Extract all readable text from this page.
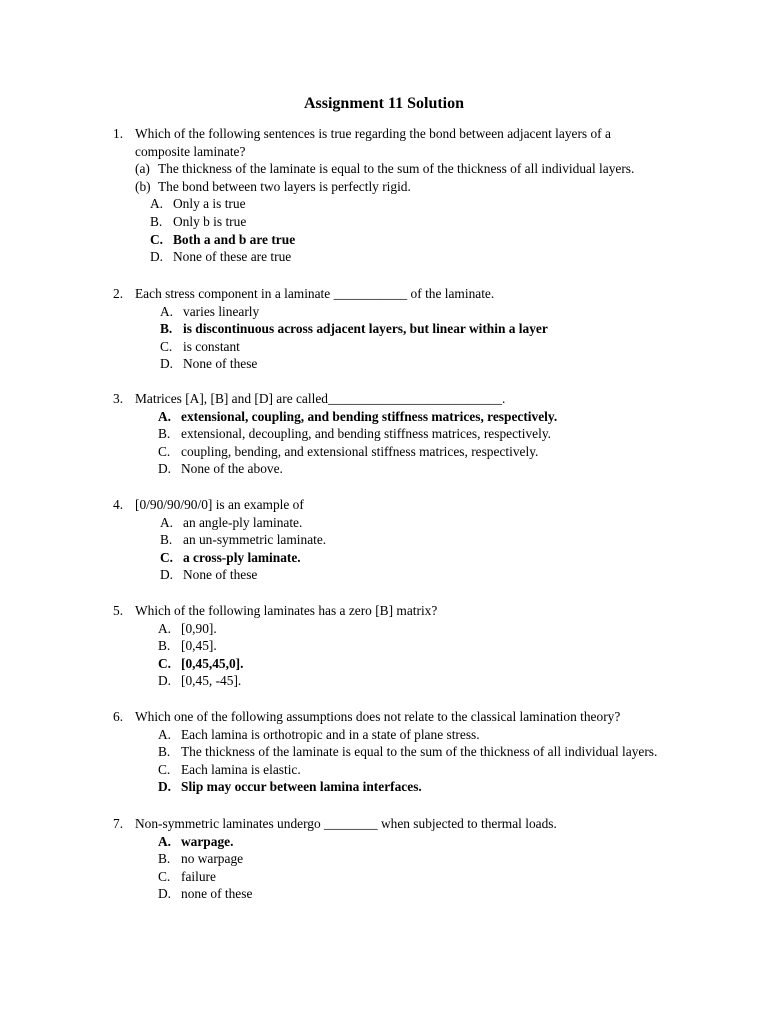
Assignment 11 Solution
1. Which of the following sentences is true regarding the bond between adjacent layers of a
composite laminate?
(a) The thickness of the laminate is equal to the sum of the thickness of all individual layers.
(b) The bond between two layers is perfectly rigid.
A. Only a is true
B. Only b is true
C. Both a and b are true
D. None of these are true
2. Each stress component in a laminate ___________ of the laminate.
A. varies linearly
B. is discontinuous across adjacent layers, but linear within a layer
C. is constant
D. None of these
3. Matrices [A], [B] and [D] are called__________________________.
A. extensional, coupling, and bending stiffness matrices, respectively.
B. extensional, decoupling, and bending stiffness matrices, respectively.
C. coupling, bending, and extensional stiffness matrices, respectively.
D. None of the above.
4. [0/90/90/90/0] is an example of
A. an angle-ply laminate.
B. an un-symmetric laminate.
C. a cross-ply laminate.
D. None of these
5. Which of the following laminates has a zero [B] matrix?
A. [0,90].
B. [0,45].
C. [0,45,45,0].
D. [0,45, -45].
6. Which one of the following assumptions does not relate to the classical lamination theory?
A. Each lamina is orthotropic and in a state of plane stress.
B. The thickness of the laminate is equal to the sum of the thickness of all individual layers.
C. Each lamina is elastic.
D. Slip may occur between lamina interfaces.
7. Non-symmetric laminates undergo ________ when subjected to thermal loads.
A. warpage.
B. no warpage
C. failure
D. none of these
